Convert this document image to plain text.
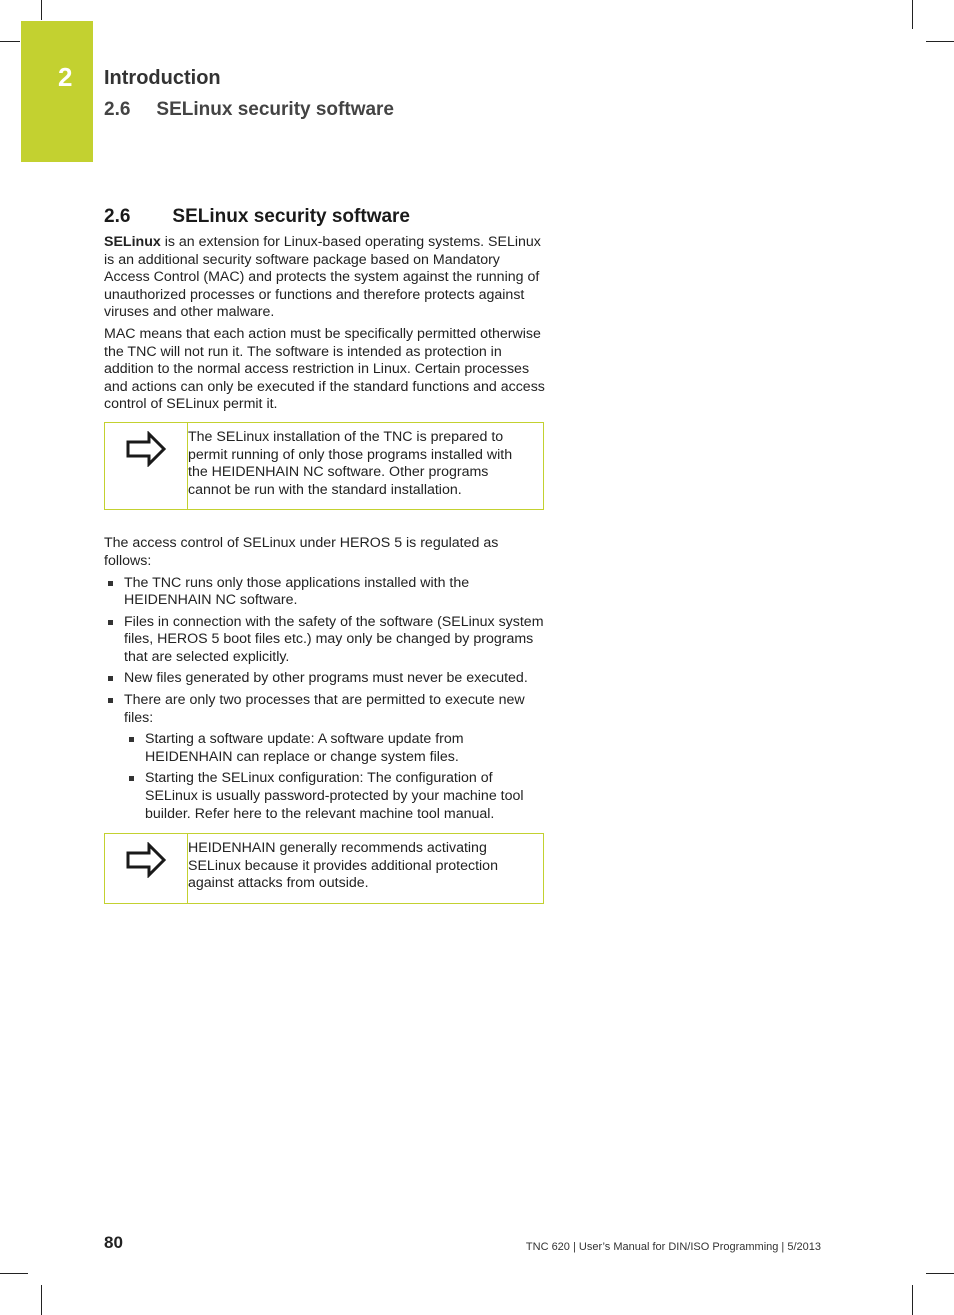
2 Introduction
2.6 SELinux security software
2.6 SELinux security software

SELinux is an extension for Linux-based operating systems. SELinux is an additional security software package based on Mandatory Access Control (MAC) and protects the system against the running of unauthorized processes or functions and therefore protects against viruses and other malware.

MAC means that each action must be specifically permitted otherwise the TNC will not run it. The software is intended as protection in addition to the normal access restriction in Linux. Certain processes and actions can only be executed if the standard functions and access control of SELinux permit it.

The SELinux installation of the TNC is prepared to permit running of only those programs installed with the HEIDENHAIN NC software. Other programs cannot be run with the standard installation.

The access control of SELinux under HEROS 5 is regulated as follows:

The TNC runs only those applications installed with the HEIDENHAIN NC software.
Files in connection with the safety of the software (SELinux system files, HEROS 5 boot files etc.) may only be changed by programs that are selected explicitly.
New files generated by other programs must never be executed.
There are only two processes that are permitted to execute new files:
Starting a software update: A software update from HEIDENHAIN can replace or change system files.
Starting the SELinux configuration: The configuration of SELinux is usually password-protected by your machine tool builder. Refer here to the relevant machine tool manual.
HEIDENHAIN generally recommends activating SELinux because it provides additional protection against attacks from outside.
80	TNC 620 | User’s Manual for DIN/ISO Programming | 5/2013
